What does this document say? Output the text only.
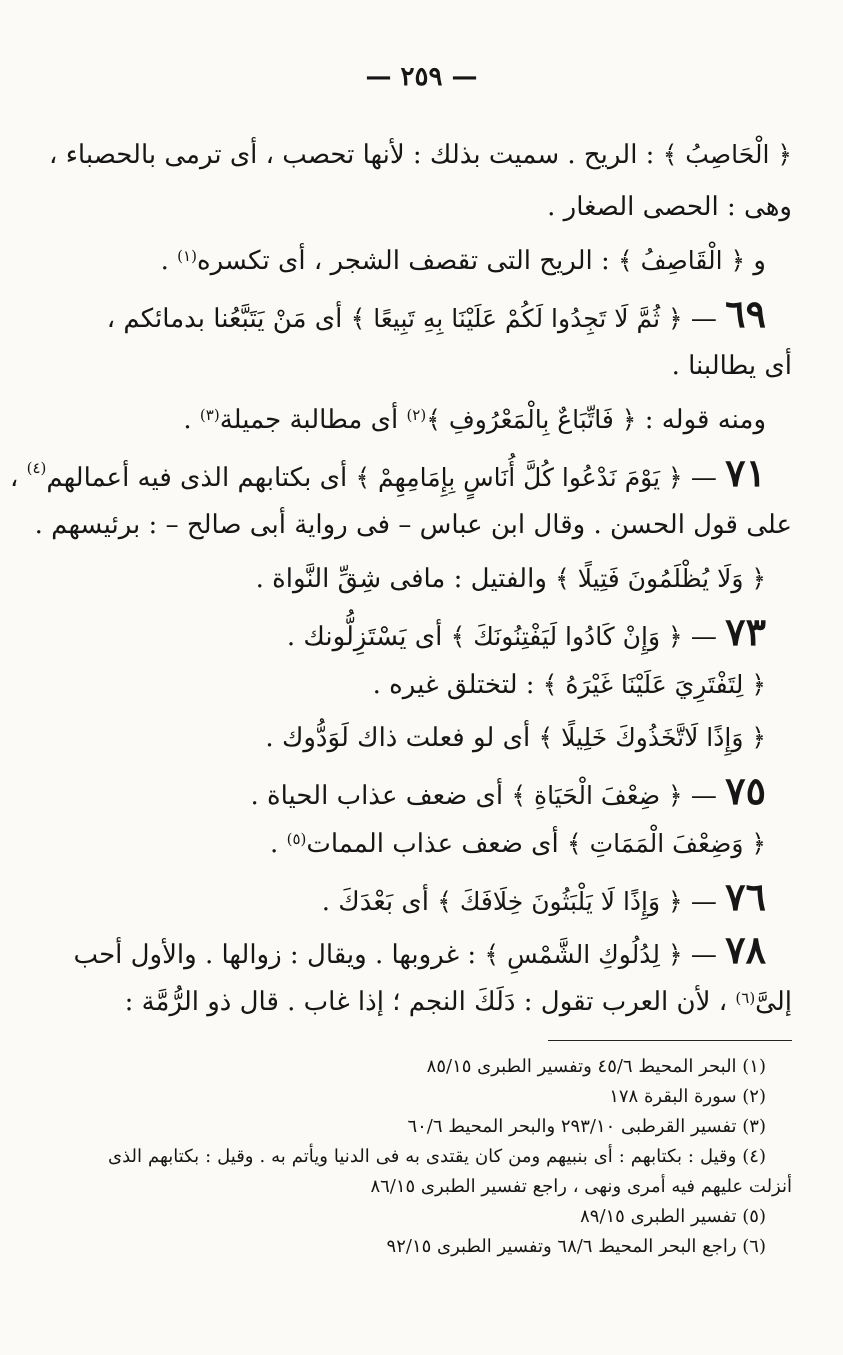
— ٢٥٩ —
﴿ الْحَاصِبُ ﴾ : الريح . سميت بذلك : لأنها تحصب ، أى ترمى بالحصباء ،
وهى : الحصى الصغار .
و ﴿ الْقَاصِفُ ﴾ : الريح التى تقصف الشجر ، أى تكسره$^{(١)}$ .
٦٩ — ﴿ ثُمَّ لَا تَجِدُوا لَكُمْ عَلَيْنَا بِهِ تَبِيعًا ﴾ أى مَنْ يَتَبَّعُنا بدمائكم ،
أى يطالبنا .
ومنه قوله : ﴿ فَاتِّبَاعٌ بِالْمَعْرُوفِ ﴾$^{(٢)}$ أى مطالبة جميلة$^{(٣)}$ .
٧١ — ﴿ يَوْمَ نَدْعُوا كُلَّ أُنَاسٍ بِإِمَامِهِمْ ﴾ أى بكتابهم الذى فيه أعمالهم$^{(٤)}$ ،
على قول الحسن . وقال ابن عباس – فى رواية أبى صالح – : برئيسهم .
﴿ وَلَا يُظْلَمُونَ فَتِيلًا ﴾ والفتيل : مافى شِقِّ النَّواة .
٧٣ — ﴿ وَإِنْ كَادُوا لَيَفْتِنُونَكَ ﴾ أى يَسْتَزِلُّونك .
﴿ لِتَفْتَرِيَ عَلَيْنَا غَيْرَهُ ﴾ : لتختلق غيره .
﴿ وَإِذًا لَاتَّخَذُوكَ خَلِيلًا ﴾ أى لو فعلت ذاك لَوَدُّوك .
٧٥ — ﴿ ضِعْفَ الْحَيَاةِ ﴾ أى ضعف عذاب الحياة .
﴿ وَضِعْفَ الْمَمَاتِ ﴾ أى ضعف عذاب الممات$^{(٥)}$ .
٧٦ — ﴿ وَإِذًا لَا يَلْبَثُونَ خِلَافَكَ ﴾ أى بَعْدَكَ .
٧٨ — ﴿ لِدُلُوكِ الشَّمْسِ ﴾ : غروبها . ويقال : زوالها . والأول أحب
إلىَّ$^{(٦)}$ ، لأن العرب تقول : دَلَكَ النجم ؛ إذا غاب . قال ذو الرُّمَّة :
(١) البحر المحيط ٤٥/٦ وتفسير الطبرى ٨٥/١٥
(٢) سورة البقرة ١٧٨
(٣) تفسير القرطبى ٢٩٣/١٠ والبحر المحيط ٦٠/٦
(٤) وقيل : بكتابهم : أى بنبيهم ومن كان يقتدى به فى الدنيا ويأتم به . وقيل : بكتابهم الذى
أنزلت عليهم فيه أمرى ونهى ، راجع تفسير الطبرى ٨٦/١٥
(٥) تفسير الطبرى ٨٩/١٥
(٦) راجع البحر المحيط ٦٨/٦ وتفسير الطبرى ٩٢/١٥
